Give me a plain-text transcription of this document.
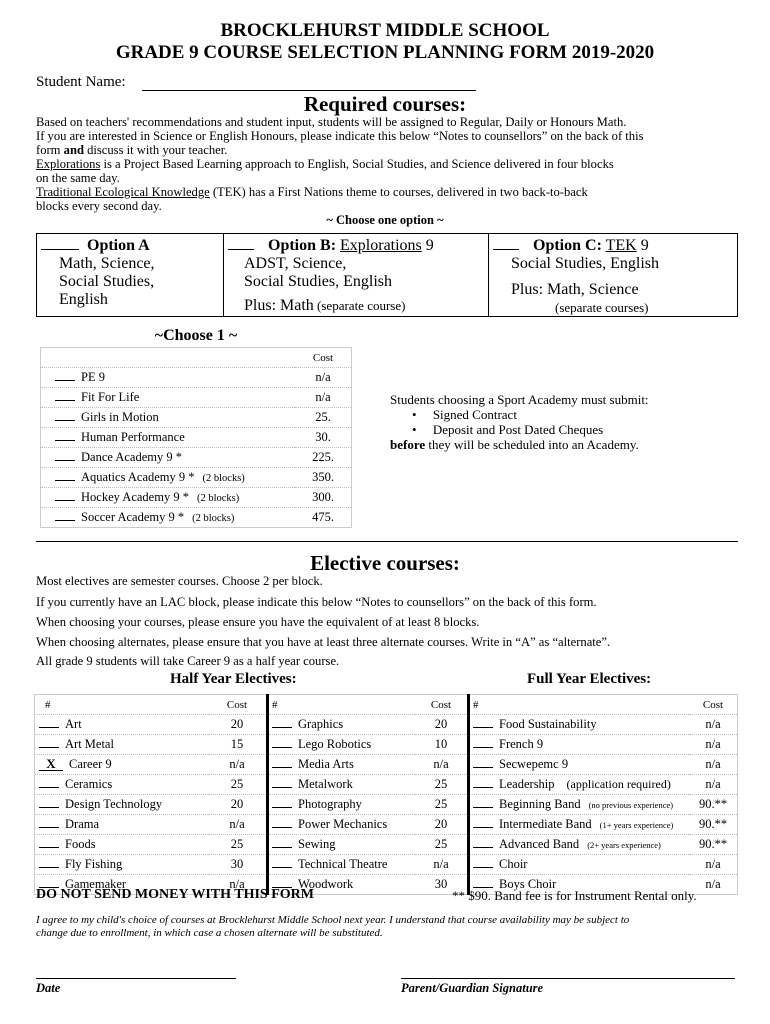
BROCKLEHURST MIDDLE SCHOOL
GRADE 9 COURSE SELECTION PLANNING FORM 2019-2020
Student Name:
Required courses:
Based on teachers' recommendations and student input, students will be assigned to Regular, Daily or Honours Math.
If you are interested in Science or English Honours, please indicate this below “Notes to counsellors” on the back of this
form and discuss it with your teacher.
Explorations is a Project Based Learning approach to English, Social Studies, and Science delivered in four blocks
on the same day.
Traditional Ecological Knowledge (TEK) has a First Nations theme to courses, delivered in two back-to-back
blocks every second day.
~ Choose one option ~
Option A
Math, Science,
Social Studies,
English
Option B: Explorations 9
ADST, Science,
Social Studies, English
Plus: Math (separate course)
Option C: TEK 9
Social Studies, English
Plus: Math, Science
(separate courses)
~Choose 1 ~
	Cost
PE 9	n/a
Fit For Life	n/a
Girls in Motion	25.
Human Performance	30.
Dance Academy 9 *	225.
Aquatics Academy 9 * (2 blocks)	350.
Hockey Academy 9 * (2 blocks)	300.
Soccer Academy 9 * (2 blocks)	475.
Students choosing a Sport Academy must submit:
•     Signed Contract
•     Deposit and Post Dated Cheques
before they will be scheduled into an Academy.
Elective courses:
Most electives are semester courses. Choose 2 per block.
If you currently have an LAC block, please indicate this below “Notes to counsellors” on the back of this form.
When choosing your courses, please ensure you have the equivalent of at least 8 blocks.
When choosing alternates, please ensure that you have at least three alternate courses. Write in “A” as “alternate”.
All grade 9 students will take Career 9 as a half year course.
Half Year Electives:	Full Year Electives:
#	Cost	#	Cost	#	Cost
Art	20	Graphics	20	Food Sustainability	n/a
Art Metal	15	Lego Robotics	10	French 9	n/a
X Career 9	n/a	Media Arts	n/a	Secwepemc 9	n/a
Ceramics	25	Metalwork	25	Leadership (application required)	n/a
Design Technology	20	Photography	25	Beginning Band (no previous experience)	90.**
Drama	n/a	Power Mechanics	20	Intermediate Band (1+ years experience)	90.**
Foods	25	Sewing	25	Advanced Band (2+ years experience)	90.**
Fly Fishing	30	Technical Theatre	n/a	Choir	n/a
Gamemaker	n/a	Woodwork	30	Boys Choir	n/a
DO NOT SEND MONEY WITH THIS FORM	** $90. Band fee is for Instrument Rental only.
I agree to my child's choice of courses at Brocklehurst Middle School next year. I understand that course availability may be subject to
change due to enrollment, in which case a chosen alternate will be substituted.
Date	Parent/Guardian Signature
